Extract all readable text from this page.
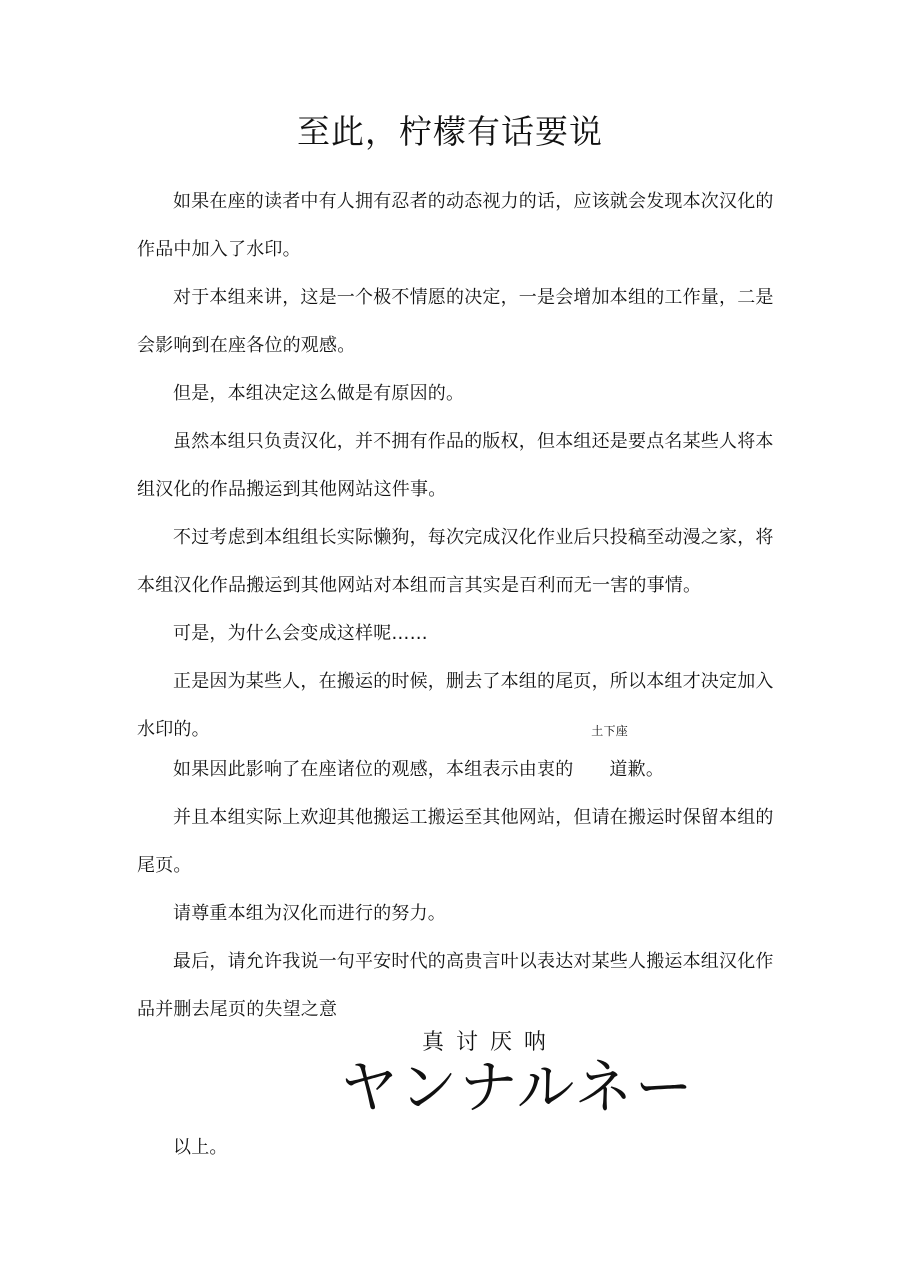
至此，柠檬有话要说

如果在座的读者中有人拥有忍者的动态视力的话，应该就会发现本次汉化的作品中加入了水印。

对于本组来讲，这是一个极不情愿的决定，一是会增加本组的工作量，二是会影响到在座各位的观感。

但是，本组决定这么做是有原因的。

虽然本组只负责汉化，并不拥有作品的版权，但本组还是要点名某些人将本组汉化的作品搬运到其他网站这件事。

不过考虑到本组组长实际懒狗，每次完成汉化作业后只投稿至动漫之家，将本组汉化作品搬运到其他网站对本组而言其实是百利而无一害的事情。

可是，为什么会变成这样呢……

正是因为某些人，在搬运的时候，删去了本组的尾页，所以本组才决定加入水印的。

如果因此影响了在座诸位的观感，本组表示由衷的
土下座
道歉。

并且本组实际上欢迎其他搬运工搬运至其他网站，但请在搬运时保留本组的尾页。

请尊重本组为汉化而进行的努力。

最后，请允许我说一句平安时代的高贵言叶以表达对某些人搬运本组汉化作品并删去尾页的失望之意

真讨厌呐
ヤンナルネー

以上。
